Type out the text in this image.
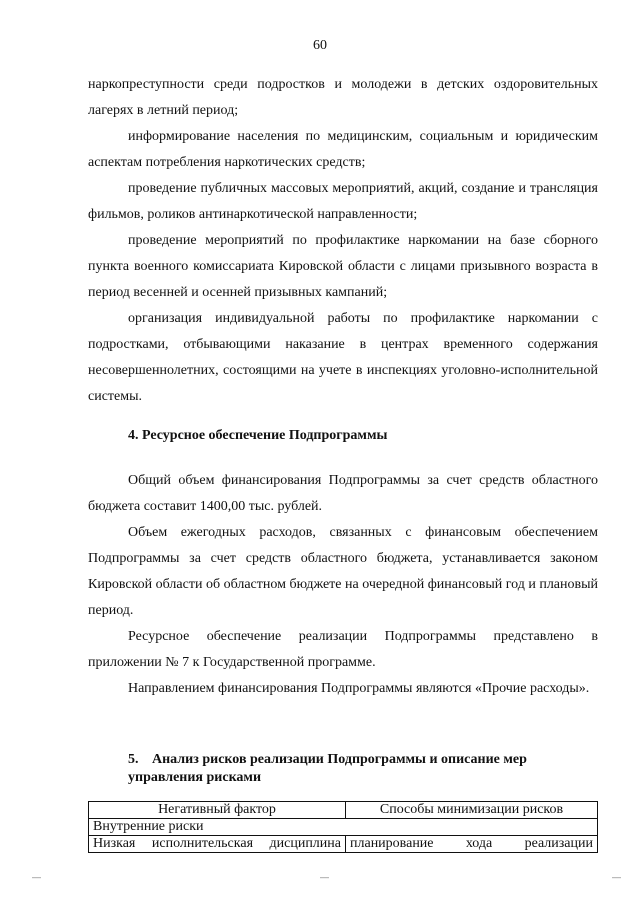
60

наркопреступности среди подростков и молодежи в детских оздоровительных лагерях в летний период;

информирование населения по медицинским, социальным и юридическим аспектам потребления наркотических средств;

проведение публичных массовых мероприятий, акций, создание и трансляция фильмов, роликов антинаркотической направленности;

проведение мероприятий по профилактике наркомании на базе сборного пункта военного комиссариата Кировской области с лицами призывного возраста в период весенней и осенней призывных кампаний;

организация индивидуальной работы по профилактике наркомании с подростками, отбывающими наказание в центрах временного содержания несовершеннолетних, состоящими на учете в инспекциях уголовно-исполнительной системы.

4. Ресурсное обеспечение Подпрограммы

Общий объем финансирования Подпрограммы за счет средств областного бюджета составит 1400,00 тыс. рублей.

Объем ежегодных расходов, связанных с финансовым обеспечением Подпрограммы за счет средств областного бюджета, устанавливается законом Кировской области об областном бюджете на очередной финансовый год и плановый период.

Ресурсное обеспечение реализации Подпрограммы представлено в приложении № 7 к Государственной программе.

Направлением финансирования Подпрограммы являются «Прочие расходы».

5. Анализ рисков реализации Подпрограммы и описание мер управления рисками
Негативный фактор	Способы минимизации рисков
Внутренние риски	
Низкая исполнительская дисциплина	планирование хода реализации
—	—	—
